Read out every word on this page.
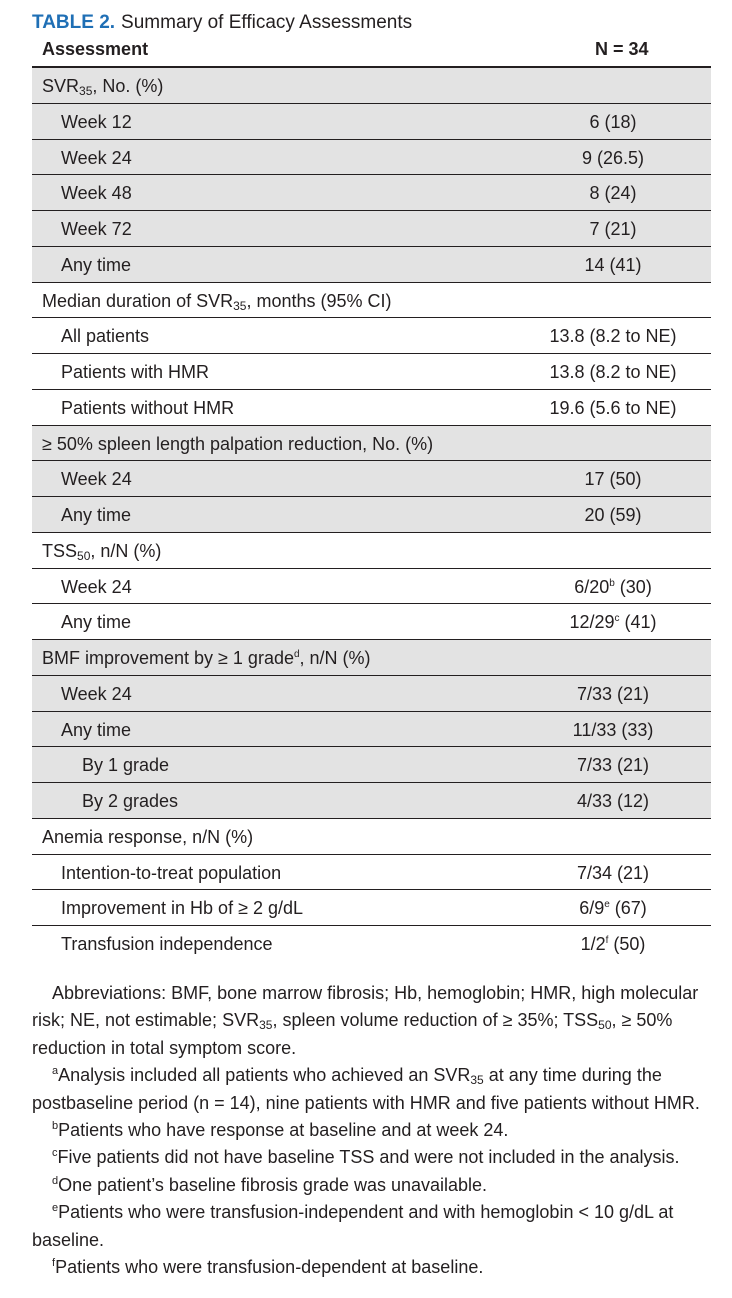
TABLE 2. Summary of Efficacy Assessments
Assessment	N = 34
$SVR_{35}$, No. (%)
Week 12	6 (18)
Week 24	9 (26.5)
Week 48	8 (24)
Week 72	7 (21)
Any time	14 (41)
Median duration of $SVR_{35}$, months (95% CI)
All patients	13.8 (8.2 to NE)
Patients with HMR	13.8 (8.2 to NE)
Patients without HMR	19.6 (5.6 to NE)
≥ 50% spleen length palpation reduction, No. (%)
Week 24	17 (50)
Any time	20 (59)
$TSS_{50}$, n/N (%)
Week 24	6/20$^b$ (30)
Any time	12/29$^c$ (41)
BMF improvement by ≥ 1 grade$^d$, n/N (%)
Week 24	7/33 (21)
Any time	11/33 (33)
By 1 grade	7/33 (21)
By 2 grades	4/33 (12)
Anemia response, n/N (%)
Intention-to-treat population	7/34 (21)
Improvement in Hb of ≥ 2 g/dL	6/9e (67)
Transfusion independence	1/2$^f$ (50)

Abbreviations: BMF, bone marrow fibrosis; Hb, hemoglobin; HMR, high molecular risk; NE, not estimable; $SVR_{35}$, spleen volume reduction of ≥ 35%; $TSS_{50}$, ≥ 50% reduction in total symptom score.

$^a$Analysis included all patients who achieved an $SVR_{35}$ at any time during the postbaseline period (n = 14), nine patients with HMR and five patients without HMR.

$^b$Patients who have response at baseline and at week 24.

$^c$Five patients did not have baseline TSS and were not included in the analysis.

$^d$One patient’s baseline fibrosis grade was unavailable.

$^e$Patients who were transfusion-independent and with hemoglobin < 10 g/dL at baseline.

$^f$Patients who were transfusion-dependent at baseline.
